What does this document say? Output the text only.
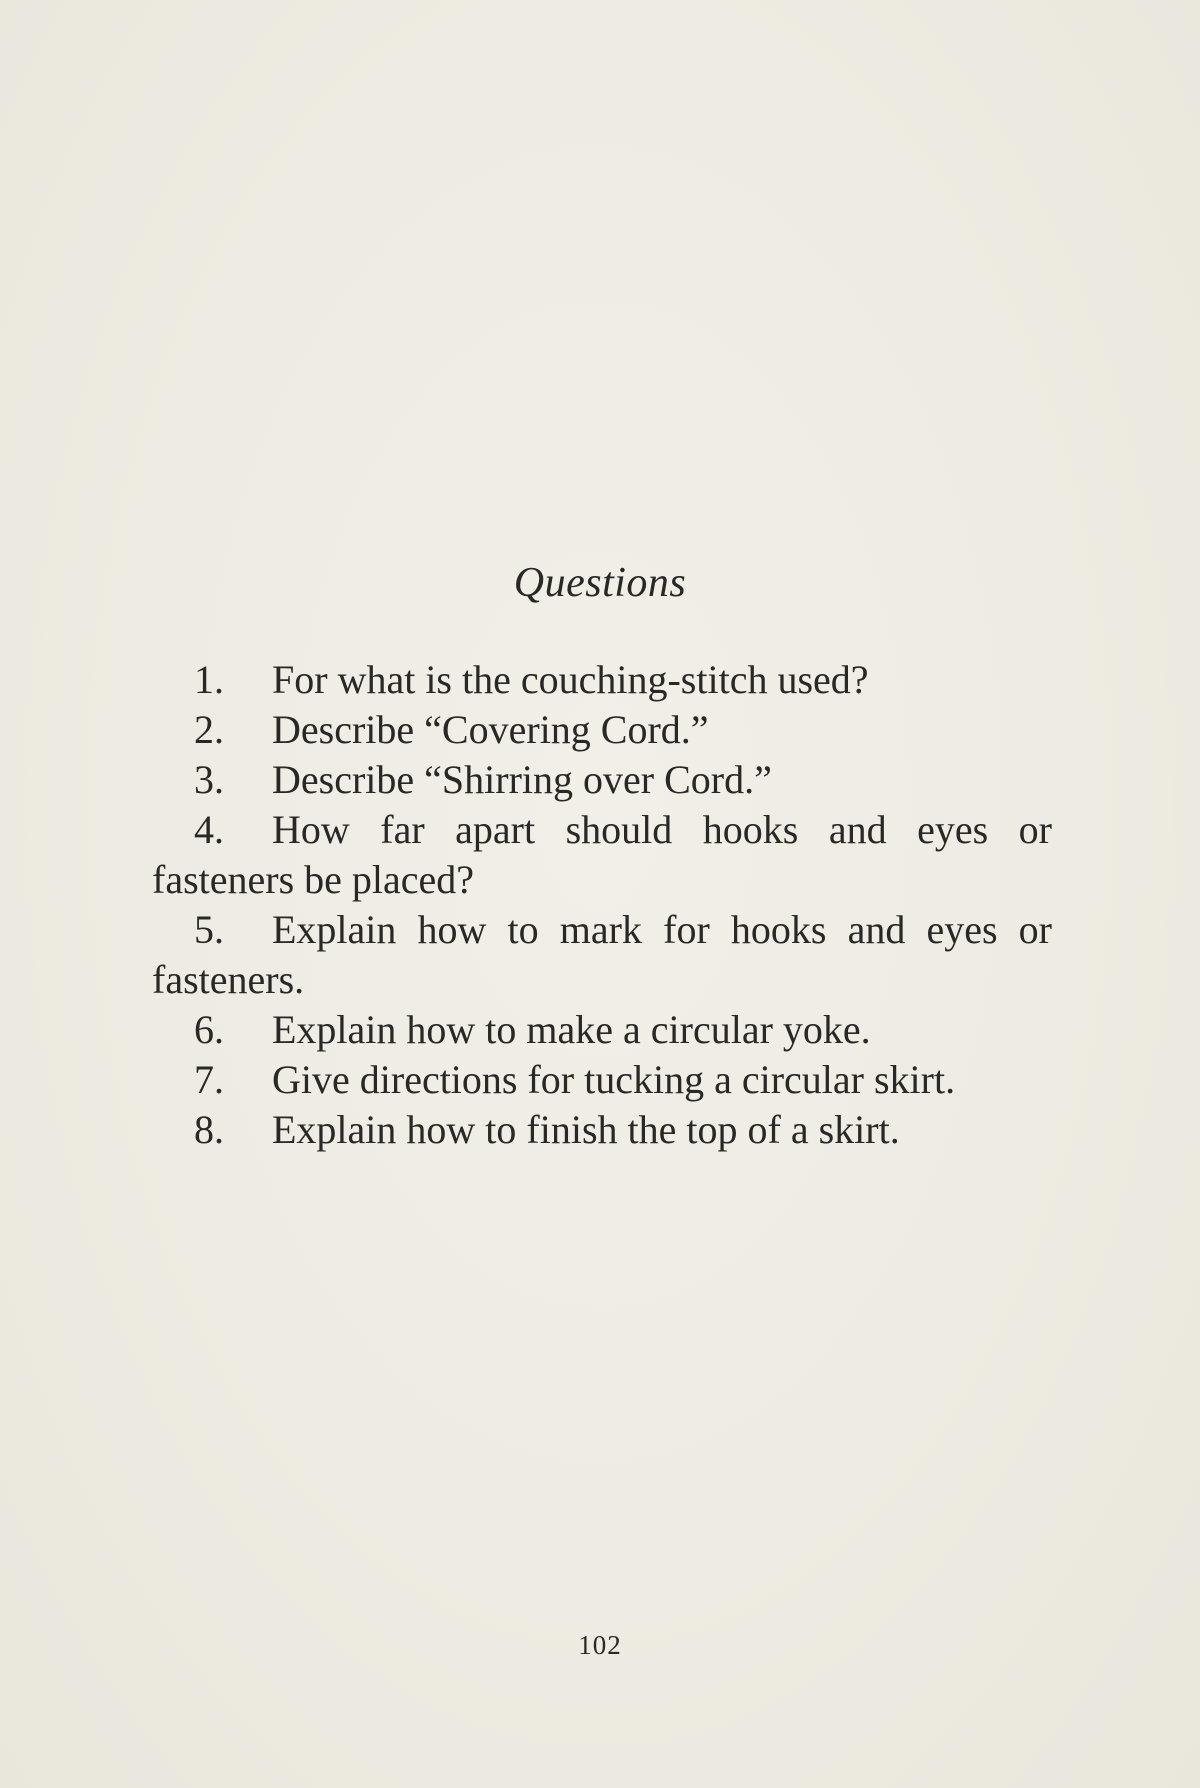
Questions
1. For what is the couching-stitch used?
2. Describe “Covering Cord.”
3. Describe “Shirring over Cord.”
4. How far apart should hooks and eyes or fasteners be placed?
5. Explain how to mark for hooks and eyes or fasteners.
6. Explain how to make a circular yoke.
7. Give directions for tucking a circular skirt.
8. Explain how to finish the top of a skirt.
102
